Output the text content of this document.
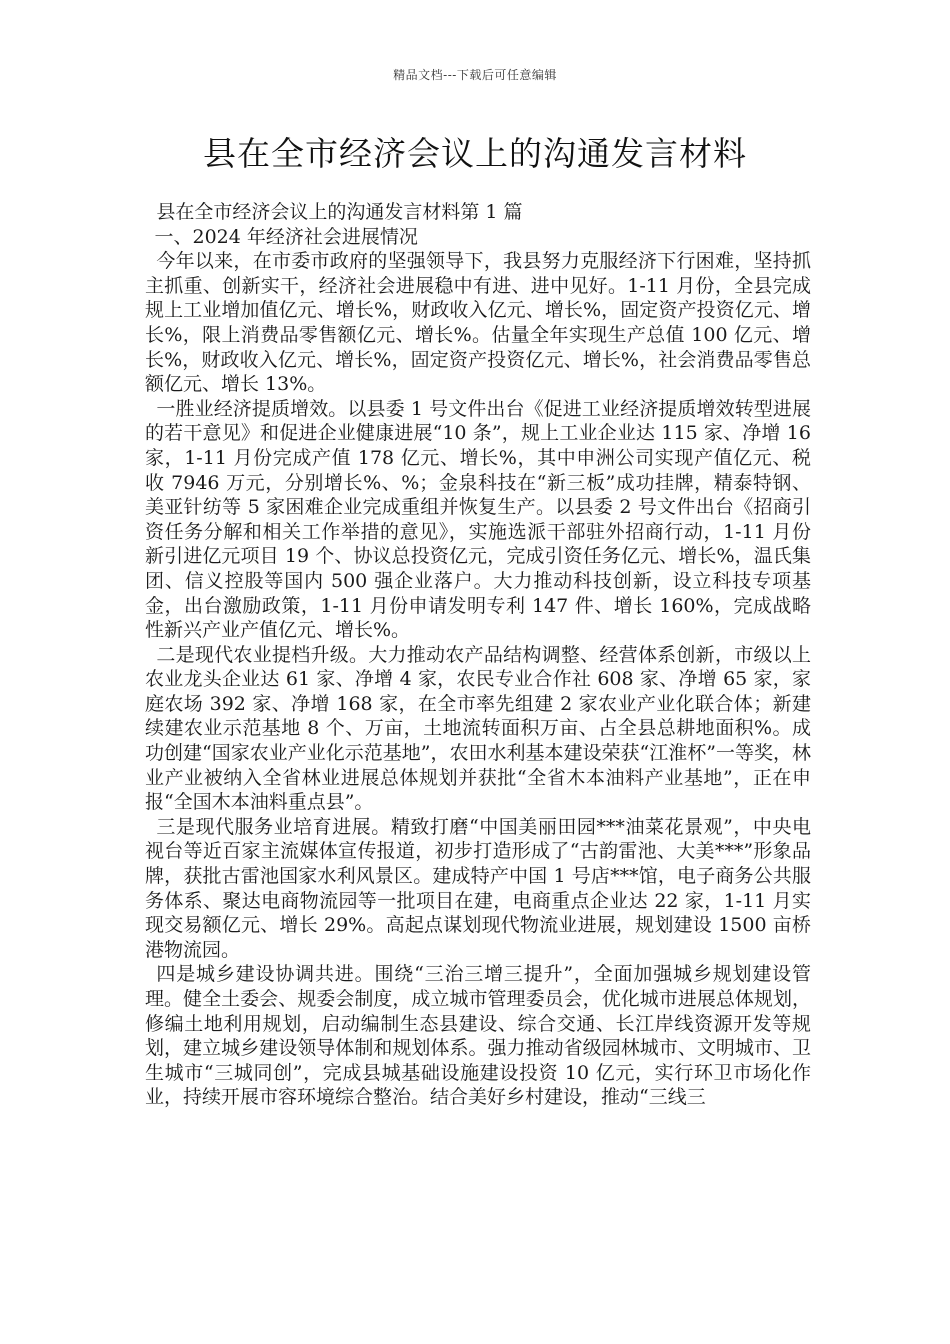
精品文档---下载后可任意编辑
县在全市经济会议上的沟通发言材料

县在全市经济会议上的沟通发言材料第 1 篇

一、2024 年经济社会进展情况

今年以来，在市委市政府的坚强领导下，我县努力克服经济下行困难，坚持抓主抓重、创新实干，经济社会进展稳中有进、进中见好。1-11 月份，全县完成规上工业增加值亿元、增长%，财政收入亿元、增长%，固定资产投资亿元、增长%，限上消费品零售额亿元、增长%。估量全年实现生产总值 100 亿元、增长%，财政收入亿元、增长%，固定资产投资亿元、增长%，社会消费品零售总额亿元、增长 13%。

一胜业经济提质增效。以县委 1 号文件出台《促进工业经济提质增效转型进展的若干意见》和促进企业健康进展“10 条”，规上工业企业达 115 家、净增 16 家，1-11 月份完成产值 178 亿元、增长%，其中申洲公司实现产值亿元、税收 7946 万元，分别增长%、%；金泉科技在“新三板”成功挂牌，精泰特钢、美亚针纺等 5 家困难企业完成重组并恢复生产。以县委 2 号文件出台《招商引资任务分解和相关工作举措的意见》，实施选派干部驻外招商行动，1-11 月份新引进亿元项目 19 个、协议总投资亿元，完成引资任务亿元、增长%，温氏集团、信义控股等国内 500 强企业落户。大力推动科技创新，设立科技专项基金，出台激励政策，1-11 月份申请发明专利 147 件、增长 160%，完成战略性新兴产业产值亿元、增长%。

二是现代农业提档升级。大力推动农产品结构调整、经营体系创新，市级以上农业龙头企业达 61 家、净增 4 家，农民专业合作社 608 家、净增 65 家，家庭农场 392 家、净增 168 家，在全市率先组建 2 家农业产业化联合体；新建续建农业示范基地 8 个、万亩，土地流转面积万亩、占全县总耕地面积%。成功创建“国家农业产业化示范基地”，农田水利基本建设荣获“江淮杯”一等奖，林业产业被纳入全省林业进展总体规划并获批“全省木本油料产业基地”，正在申报“全国木本油料重点县”。

三是现代服务业培育进展。精致打磨“中国美丽田园***油菜花景观”，中央电视台等近百家主流媒体宣传报道，初步打造形成了“古韵雷池、大美***”形象品牌，获批古雷池国家水利风景区。建成特产中国 1 号店***馆，电子商务公共服务体系、聚达电商物流园等一批项目在建，电商重点企业达 22 家，1-11 月实现交易额亿元、增长 29%。高起点谋划现代物流业进展，规划建设 1500 亩桥港物流园。

四是城乡建设协调共进。围绕“三治三增三提升”，全面加强城乡规划建设管理。健全土委会、规委会制度，成立城市管理委员会，优化城市进展总体规划，修编土地利用规划，启动编制生态县建设、综合交通、长江岸线资源开发等规划，建立城乡建设领导体制和规划体系。强力推动省级园林城市、文明城市、卫生城市“三城同创”，完成县城基础设施建设投资 10 亿元，实行环卫市场化作业，持续开展市容环境综合整治。结合美好乡村建设，推动“三线三
